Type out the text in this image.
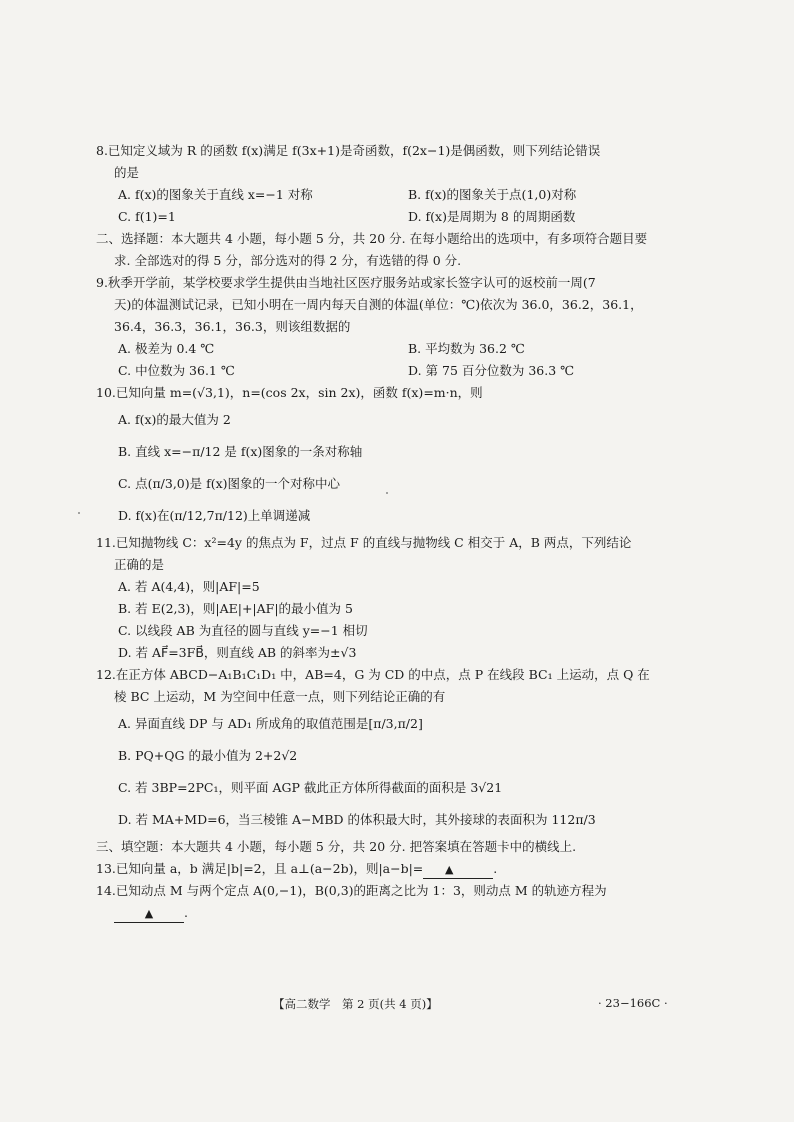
8.已知定义域为 R 的函数 f(x)满足 f(3x+1)是奇函数，f(2x−1)是偶函数，则下列结论错误

的是

A. f(x)的图象关于直线 x=−1 对称	B. f(x)的图象关于点(1,0)对称
C. f(1)=1	D. f(x)是周期为 8 的周期函数

二、选择题：本大题共 4 小题，每小题 5 分，共 20 分. 在每小题给出的选项中，有多项符合题目要

求. 全部选对的得 5 分，部分选对的得 2 分，有选错的得 0 分.

9.秋季开学前，某学校要求学生提供由当地社区医疗服务站或家长签字认可的返校前一周(7

天)的体温测试记录，已知小明在一周内每天自测的体温(单位：℃)依次为 36.0，36.2，36.1，

36.4，36.3，36.1，36.3，则该组数据的

A. 极差为 0.4 ℃	B. 平均数为 36.2 ℃
C. 中位数为 36.1 ℃	D. 第 75 百分位数为 36.3 ℃

10.已知向量 m=(√3,1)，n=(cos 2x，sin 2x)，函数 f(x)=m·n，则

A. f(x)的最大值为 2
B. 直线 x=−π/12 是 f(x)图象的一条对称轴
C. 点(π/3,0)是 f(x)图象的一个对称中心
D. f(x)在(π/12,7π/12)上单调递减

11.已知抛物线 C：x²=4y 的焦点为 F，过点 F 的直线与抛物线 C 相交于 A，B 两点，下列结论

正确的是

A. 若 A(4,4)，则|AF|=5
B. 若 E(2,3)，则|AE|+|AF|的最小值为 5
C. 以线段 AB 为直径的圆与直线 y=−1 相切
D. 若 AF⃗=3FB⃗，则直线 AB 的斜率为±√3

12.在正方体 ABCD−A₁B₁C₁D₁ 中，AB=4，G 为 CD 的中点，点 P 在线段 BC₁ 上运动，点 Q 在

棱 BC 上运动，M 为空间中任意一点，则下列结论正确的有

A. 异面直线 DP 与 AD₁ 所成角的取值范围是[π/3,π/2]
B. PQ+QG 的最小值为 2+2√2
C. 若 3BP=2PC₁，则平面 AGP 截此正方体所得截面的面积是 3√21
D. 若 MA+MD=6，当三棱锥 A−MBD 的体积最大时，其外接球的表面积为 112π/3

三、填空题：本大题共 4 小题，每小题 5 分，共 20 分. 把答案填在答题卡中的横线上.

13.已知向量 a，b 满足|b|=2，且 a⊥(a−2b)，则|a−b|= ▲	.

14.已知动点 M 与两个定点 A(0,−1)，B(0,3)的距离之比为 1：3，则动点 M 的轨迹方程为

▲ .

【高二数学　第 2 页(共 4 页)】	· 23−166C ·
